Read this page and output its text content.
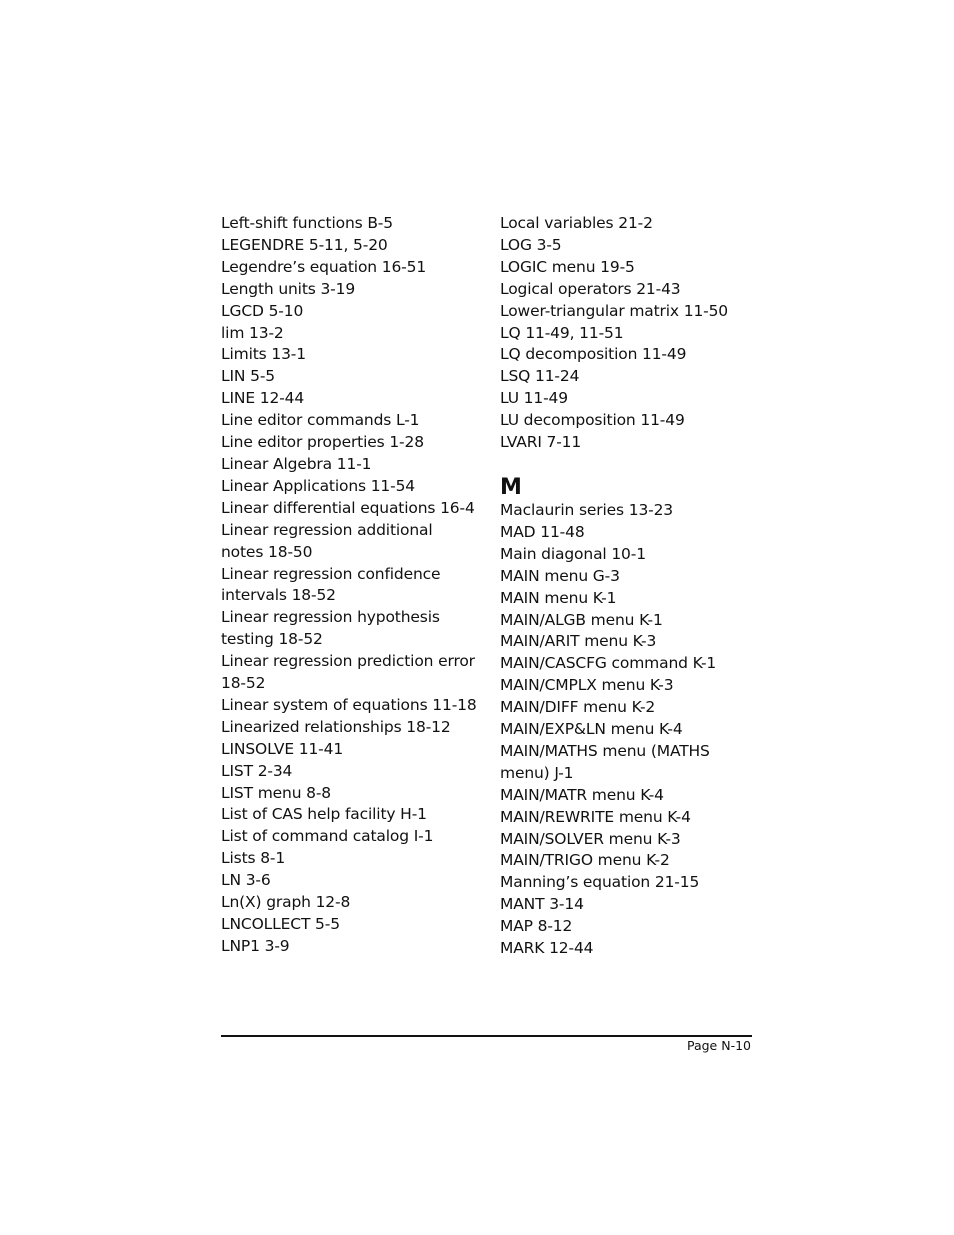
Left-shift functions B-5
LEGENDRE 5-11, 5-20
Legendre’s equation 16-51
Length units 3-19
LGCD 5-10
lim 13-2
Limits 13-1
LIN 5-5
LINE 12-44
Line editor commands L-1
Line editor properties 1-28
Linear Algebra 11-1
Linear Applications 11-54
Linear differential equations 16-4
Linear regression additional notes 18-50
Linear regression confidence intervals 18-52
Linear regression hypothesis testing 18-52
Linear regression prediction error 18-52
Linear system of equations 11-18
Linearized relationships 18-12
LINSOLVE 11-41
LIST 2-34
LIST menu 8-8
List of CAS help facility H-1
List of command catalog I-1
Lists 8-1
LN 3-6
Ln(X) graph 12-8
LNCOLLECT 5-5
LNP1 3-9
Local variables 21-2
LOG 3-5
LOGIC menu 19-5
Logical operators 21-43
Lower-triangular matrix 11-50
LQ 11-49, 11-51
LQ decomposition 11-49
LSQ 11-24
LU 11-49
LU decomposition 11-49
LVARI 7-11
M
Maclaurin series 13-23
MAD 11-48
Main diagonal 10-1
MAIN menu G-3
MAIN menu K-1
MAIN/ALGB menu K-1
MAIN/ARIT menu K-3
MAIN/CASCFG command K-1
MAIN/CMPLX menu K-3
MAIN/DIFF menu K-2
MAIN/EXP&LN menu K-4
MAIN/MATHS menu (MATHS menu) J-1
MAIN/MATR menu K-4
MAIN/REWRITE menu K-4
MAIN/SOLVER menu K-3
MAIN/TRIGO menu K-2
Manning’s equation 21-15
MANT 3-14
MAP 8-12
MARK 12-44
Page N-10
